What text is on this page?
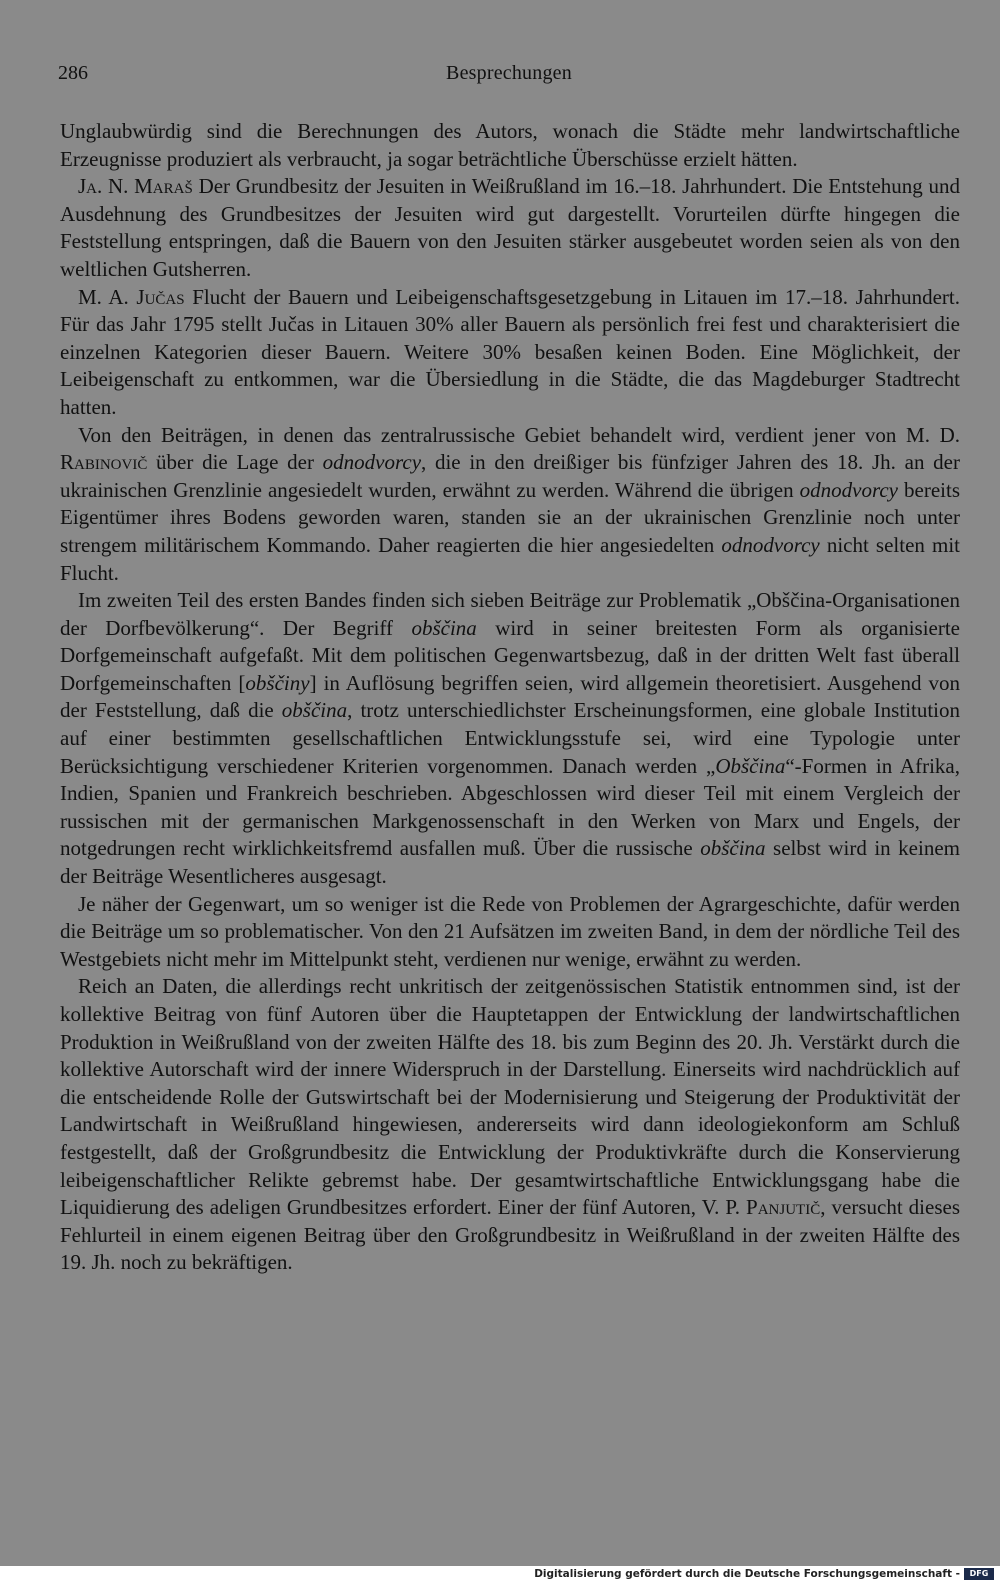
286	Besprechungen

Unglaubwürdig sind die Berechnungen des Autors, wonach die Städte mehr landwirtschaftliche Erzeugnisse produziert als verbraucht, ja sogar beträchtliche Überschüsse erzielt hätten.

Ja. N. Maraš Der Grundbesitz der Jesuiten in Weißrußland im 16.–18. Jahrhundert. Die Entstehung und Ausdehnung des Grundbesitzes der Jesuiten wird gut dargestellt. Vorurteilen dürfte hingegen die Feststellung entspringen, daß die Bauern von den Jesuiten stärker ausgebeutet worden seien als von den weltlichen Gutsherren.

M. A. Jučas Flucht der Bauern und Leibeigenschaftsgesetzgebung in Litauen im 17.–18. Jahrhundert. Für das Jahr 1795 stellt Jučas in Litauen 30% aller Bauern als persönlich frei fest und charakterisiert die einzelnen Kategorien dieser Bauern. Weitere 30% besaßen keinen Boden. Eine Möglichkeit, der Leibeigenschaft zu entkommen, war die Übersiedlung in die Städte, die das Magdeburger Stadtrecht hatten.

Von den Beiträgen, in denen das zentralrussische Gebiet behandelt wird, verdient jener von M. D. Rabinovič über die Lage der odnodvorcy, die in den dreißiger bis fünfziger Jahren des 18. Jh. an der ukrainischen Grenzlinie angesiedelt wurden, erwähnt zu werden. Während die übrigen odnodvorcy bereits Eigentümer ihres Bodens geworden waren, standen sie an der ukrainischen Grenzlinie noch unter strengem militärischem Kommando. Daher reagierten die hier angesiedelten odnodvorcy nicht selten mit Flucht.

Im zweiten Teil des ersten Bandes finden sich sieben Beiträge zur Problematik „Obščina-Organisationen der Dorfbevölkerung“. Der Begriff obščina wird in seiner breitesten Form als organisierte Dorfgemeinschaft aufgefaßt. Mit dem politischen Gegenwartsbezug, daß in der dritten Welt fast überall Dorfgemeinschaften [obščiny] in Auflösung begriffen seien, wird allgemein theoretisiert. Ausgehend von der Feststellung, daß die obščina, trotz unterschiedlichster Erscheinungsformen, eine globale Institution auf einer bestimmten gesellschaftlichen Entwicklungsstufe sei, wird eine Typologie unter Berücksichtigung verschiedener Kriterien vorgenommen. Danach werden „Obščina“-Formen in Afrika, Indien, Spanien und Frankreich beschrieben. Abgeschlossen wird dieser Teil mit einem Vergleich der russischen mit der germanischen Markgenossenschaft in den Werken von Marx und Engels, der notgedrungen recht wirklichkeitsfremd ausfallen muß. Über die russische obščina selbst wird in keinem der Beiträge Wesentlicheres ausgesagt.

Je näher der Gegenwart, um so weniger ist die Rede von Problemen der Agrargeschichte, dafür werden die Beiträge um so problematischer. Von den 21 Aufsätzen im zweiten Band, in dem der nördliche Teil des Westgebiets nicht mehr im Mittelpunkt steht, verdienen nur wenige, erwähnt zu werden.

Reich an Daten, die allerdings recht unkritisch der zeitgenössischen Statistik entnommen sind, ist der kollektive Beitrag von fünf Autoren über die Hauptetappen der Entwicklung der landwirtschaftlichen Produktion in Weißrußland von der zweiten Hälfte des 18. bis zum Beginn des 20. Jh. Verstärkt durch die kollektive Autorschaft wird der innere Widerspruch in der Darstellung. Einerseits wird nachdrücklich auf die entscheidende Rolle der Gutswirtschaft bei der Modernisierung und Steigerung der Produktivität der Landwirtschaft in Weißrußland hingewiesen, andererseits wird dann ideologiekonform am Schluß festgestellt, daß der Großgrundbesitz die Entwicklung der Produktivkräfte durch die Konservierung leibeigenschaftlicher Relikte gebremst habe. Der gesamtwirtschaftliche Entwicklungsgang habe die Liquidierung des adeligen Grundbesitzes erfordert. Einer der fünf Autoren, V. P. Panjutič, versucht dieses Fehlurteil in einem eigenen Beitrag über den Großgrundbesitz in Weißrußland in der zweiten Hälfte des 19. Jh. noch zu bekräftigen.

Digitalisierung gefördert durch die Deutsche Forschungsgemeinschaft -	DFG
